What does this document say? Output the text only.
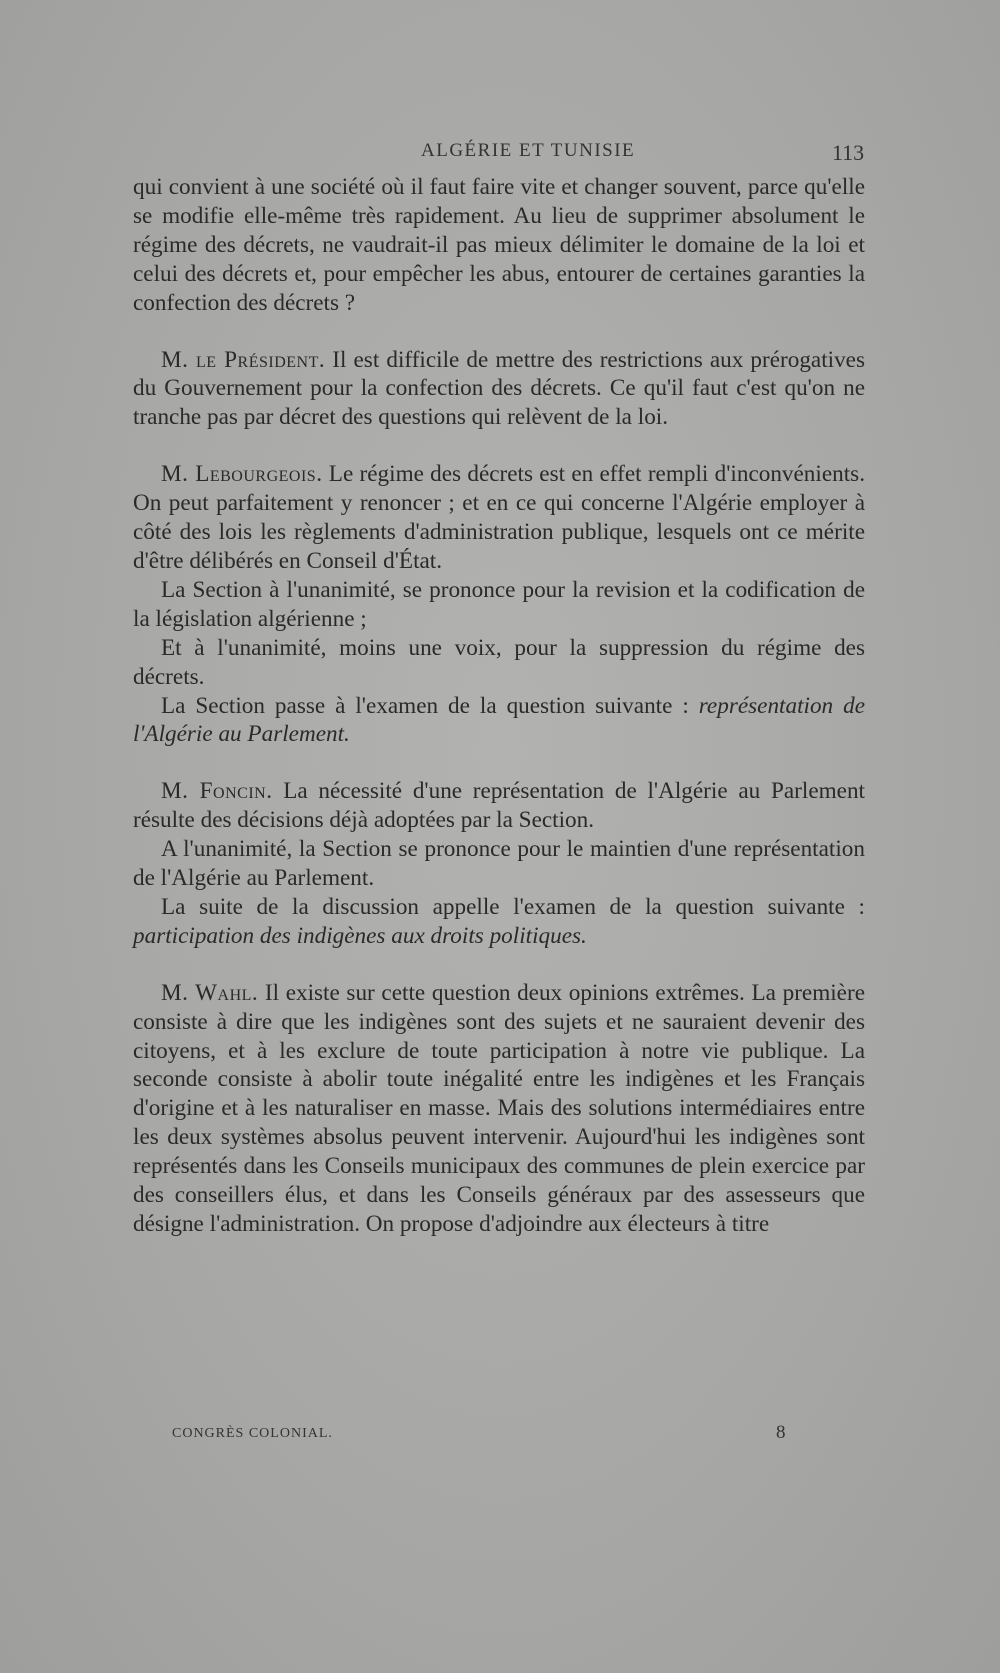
ALGÉRIE ET TUNISIE	113

qui convient à une société où il faut faire vite et changer souvent, parce qu'elle se modifie elle-même très rapidement. Au lieu de supprimer absolument le régime des décrets, ne vaudrait-il pas mieux délimiter le domaine de la loi et celui des décrets et, pour empêcher les abus, entourer de certaines garanties la confection des décrets ?

M. le Président. Il est difficile de mettre des restrictions aux prérogatives du Gouvernement pour la confection des décrets. Ce qu'il faut c'est qu'on ne tranche pas par décret des questions qui relèvent de la loi.

M. Lebourgeois. Le régime des décrets est en effet rempli d'inconvénients. On peut parfaitement y renoncer ; et en ce qui concerne l'Algérie employer à côté des lois les règlements d'administration publique, lesquels ont ce mérite d'être délibérés en Conseil d'État.

La Section à l'unanimité, se prononce pour la revision et la codification de la législation algérienne ;

Et à l'unanimité, moins une voix, pour la suppression du régime des décrets.

La Section passe à l'examen de la question suivante : représentation de l'Algérie au Parlement.

M. Foncin. La nécessité d'une représentation de l'Algérie au Parlement résulte des décisions déjà adoptées par la Section.

A l'unanimité, la Section se prononce pour le maintien d'une représentation de l'Algérie au Parlement.

La suite de la discussion appelle l'examen de la question suivante : participation des indigènes aux droits politiques.

M. Wahl. Il existe sur cette question deux opinions extrêmes. La première consiste à dire que les indigènes sont des sujets et ne sauraient devenir des citoyens, et à les exclure de toute participation à notre vie publique. La seconde consiste à abolir toute inégalité entre les indigènes et les Français d'origine et à les naturaliser en masse. Mais des solutions intermédiaires entre les deux systèmes absolus peuvent intervenir. Aujourd'hui les indigènes sont représentés dans les Conseils municipaux des communes de plein exercice par des conseillers élus, et dans les Conseils généraux par des assesseurs que désigne l'administration. On propose d'adjoindre aux électeurs à titre

CONGRÈS COLONIAL.	8
